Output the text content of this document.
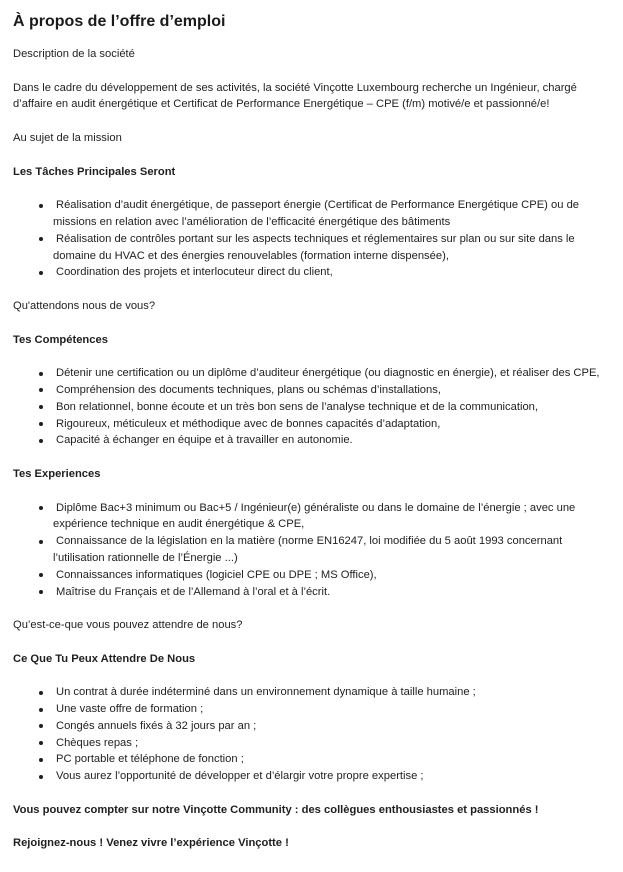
À propos de l’offre d’emploi

Description de la société

Dans le cadre du développement de ses activités, la société Vinçotte Luxembourg recherche un Ingénieur, chargé d’affaire en audit énergétique et Certificat de Performance Energétique – CPE (f/m) motivé/e et passionné/e!

Au sujet de la mission

Les Tâches Principales Seront

Réalisation d’audit énergétique, de passeport énergie (Certificat de Performance Energétique CPE) ou de missions en relation avec l’amélioration de l’efficacité énergétique des bâtiments
Réalisation de contrôles portant sur les aspects techniques et réglementaires sur plan ou sur site dans le domaine du HVAC et des énergies renouvelables (formation interne dispensée),
Coordination des projets et interlocuteur direct du client,

Qu'attendons nous de vous?

Tes Compétences

Détenir une certification ou un diplôme d’auditeur énergétique (ou diagnostic en énergie), et réaliser des CPE,
Compréhension des documents techniques, plans ou schémas d’installations,
Bon relationnel, bonne écoute et un très bon sens de l’analyse technique et de la communication,
Rigoureux, méticuleux et méthodique avec de bonnes capacités d’adaptation,
Capacité à échanger en équipe et à travailler en autonomie.

Tes Experiences

Diplôme Bac+3 minimum ou Bac+5 / Ingénieur(e) généraliste ou dans le domaine de l’énergie ; avec une expérience technique en audit énergétique & CPE,
Connaissance de la législation en la matière (norme EN16247, loi modifiée du 5 août 1993 concernant l’utilisation rationnelle de l’Énergie ...)
Connaissances informatiques (logiciel CPE ou DPE ; MS Office),
Maîtrise du Français et de l’Allemand à l’oral et à l’écrit.

Qu’est-ce-que vous pouvez attendre de nous?

Ce Que Tu Peux Attendre De Nous

Un contrat à durée indéterminé dans un environnement dynamique à taille humaine ;
Une vaste offre de formation ;
Congés annuels fixés à 32 jours par an ;
Chèques repas ;
PC portable et téléphone de fonction ;
Vous aurez l’opportunité de développer et d’élargir votre propre expertise ;

Vous pouvez compter sur notre Vinçotte Community : des collègues enthousiastes et passionnés !

Rejoignez-nous ! Venez vivre l’expérience Vinçotte !
